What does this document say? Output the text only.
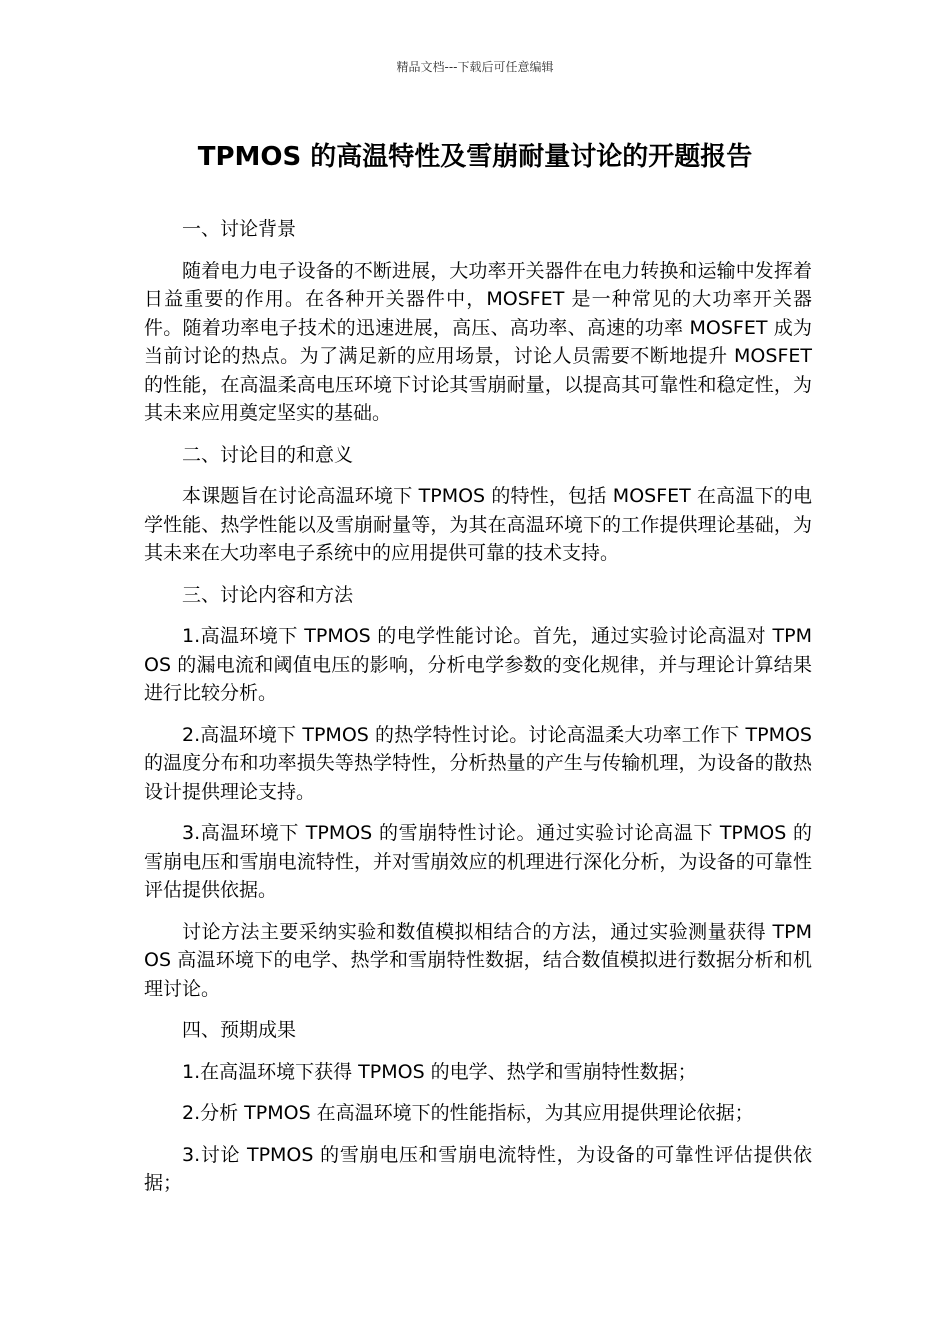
精品文档---下载后可任意编辑
TPMOS 的高温特性及雪崩耐量讨论的开题报告

一、讨论背景

随着电力电子设备的不断进展，大功率开关器件在电力转换和运输中发挥着日益重要的作用。在各种开关器件中，MOSFET 是一种常见的大功率开关器件。随着功率电子技术的迅速进展，高压、高功率、高速的功率 MOSFET 成为当前讨论的热点。为了满足新的应用场景，讨论人员需要不断地提升 MOSFET 的性能，在高温柔高电压环境下讨论其雪崩耐量，以提高其可靠性和稳定性，为其未来应用奠定坚实的基础。

二、讨论目的和意义

本课题旨在讨论高温环境下 TPMOS 的特性，包括 MOSFET 在高温下的电学性能、热学性能以及雪崩耐量等，为其在高温环境下的工作提供理论基础，为其未来在大功率电子系统中的应用提供可靠的技术支持。

三、讨论内容和方法

1.高温环境下 TPMOS 的电学性能讨论。首先，通过实验讨论高温对 TPMOS 的漏电流和阈值电压的影响，分析电学参数的变化规律，并与理论计算结果进行比较分析。

2.高温环境下 TPMOS 的热学特性讨论。讨论高温柔大功率工作下 TPMOS 的温度分布和功率损失等热学特性，分析热量的产生与传输机理，为设备的散热设计提供理论支持。

3.高温环境下 TPMOS 的雪崩特性讨论。通过实验讨论高温下 TPMOS 的雪崩电压和雪崩电流特性，并对雪崩效应的机理进行深化分析，为设备的可靠性评估提供依据。

讨论方法主要采纳实验和数值模拟相结合的方法，通过实验测量获得 TPMOS 高温环境下的电学、热学和雪崩特性数据，结合数值模拟进行数据分析和机理讨论。

四、预期成果

1.在高温环境下获得 TPMOS 的电学、热学和雪崩特性数据；

2.分析 TPMOS 在高温环境下的性能指标，为其应用提供理论依据；

3.讨论 TPMOS 的雪崩电压和雪崩电流特性，为设备的可靠性评估提供依据；
